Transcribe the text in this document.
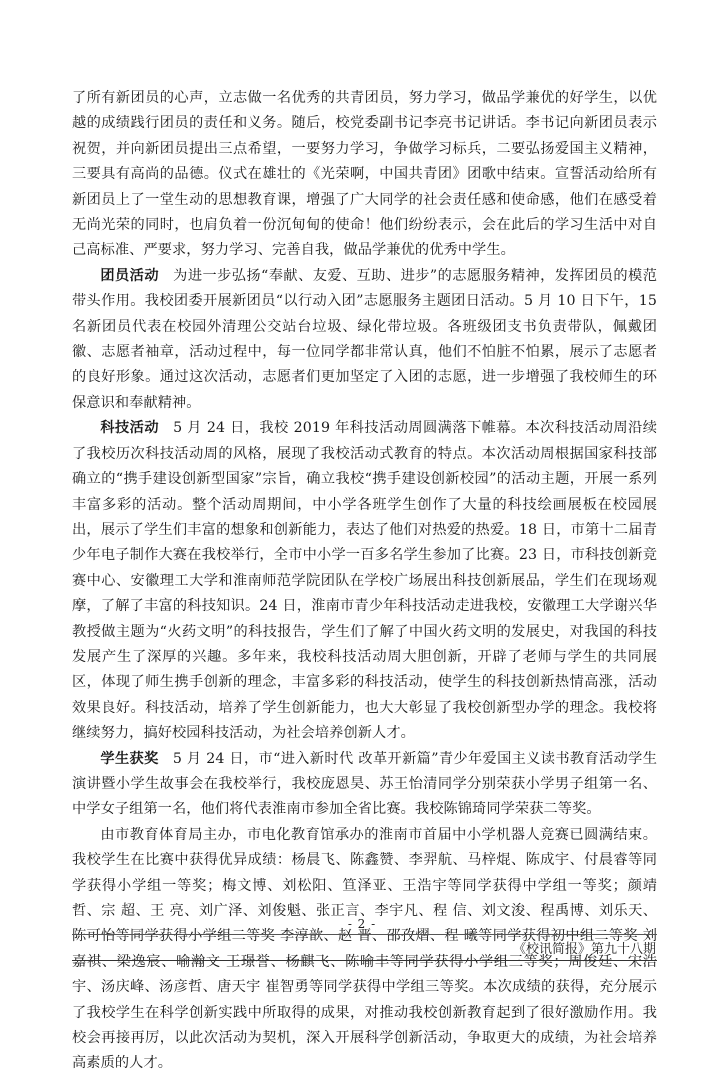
了所有新团员的心声，立志做一名优秀的共青团员，努力学习，做品学兼优的好学生，以优越的成绩践行团员的责任和义务。随后，校党委副书记李亮书记讲话。李书记向新团员表示祝贺，并向新团员提出三点希望，一要努力学习，争做学习标兵，二要弘扬爱国主义精神，三要具有高尚的品德。仪式在雄壮的《光荣啊，中国共青团》团歌中结束。宣誓活动给所有新团员上了一堂生动的思想教育课，增强了广大同学的社会责任感和使命感，他们在感受着无尚光荣的同时，也肩负着一份沉甸甸的使命！他们纷纷表示，会在此后的学习生活中对自己高标准、严要求，努力学习、完善自我，做品学兼优的优秀中学生。

团员活动 为进一步弘扬“奉献、友爱、互助、进步”的志愿服务精神，发挥团员的模范带头作用。我校团委开展新团员“以行动入团”志愿服务主题团日活动。5 月 10 日下午，15 名新团员代表在校园外清理公交站台垃圾、绿化带垃圾。各班级团支书负责带队，佩戴团徽、志愿者袖章，活动过程中，每一位同学都非常认真，他们不怕脏不怕累，展示了志愿者的良好形象。通过这次活动，志愿者们更加坚定了入团的志愿，进一步增强了我校师生的环保意识和奉献精神。

科技活动 5 月 24 日，我校 2019 年科技活动周圆满落下帷幕。本次科技活动周沿续了我校历次科技活动周的风格，展现了我校活动式教育的特点。本次活动周根据国家科技部确立的“携手建设创新型国家”宗旨，确立我校“携手建设创新校园”的活动主题，开展一系列丰富多彩的活动。整个活动周期间，中小学各班学生创作了大量的科技绘画展板在校园展出，展示了学生们丰富的想象和创新能力，表达了他们对热爱的热爱。18 日，市第十二届青少年电子制作大赛在我校举行，全市中小学一百多名学生参加了比赛。23 日，市科技创新竞赛中心、安徽理工大学和淮南师范学院团队在学校广场展出科技创新展品，学生们在现场观摩，了解了丰富的科技知识。24 日，淮南市青少年科技活动走进我校，安徽理工大学谢兴华教授做主题为“火药文明”的科技报告，学生们了解了中国火药文明的发展史，对我国的科技发展产生了深厚的兴趣。多年来，我校科技活动周大胆创新，开辟了老师与学生的共同展区，体现了师生携手创新的理念，丰富多彩的科技活动，使学生的科技创新热情高涨，活动效果良好。科技活动，培养了学生创新能力，也大大彰显了我校创新型办学的理念。我校将继续努力，搞好校园科技活动，为社会培养创新人才。

学生获奖 5 月 24 日，市“进入新时代 改革开新篇”青少年爱国主义读书教育活动学生演讲暨小学生故事会在我校举行，我校庞恩昊、苏王怡清同学分别荣获小学男子组第一名、中学女子组第一名，他们将代表淮南市参加全省比赛。我校陈锦琦同学荣获二等奖。

由市教育体育局主办，市电化教育馆承办的淮南市首届中小学机器人竞赛已圆满结束。我校学生在比赛中获得优异成绩：杨晨飞、陈鑫赞、李羿航、马梓焜、陈成宇、付晨睿等同学获得小学组一等奖；梅文博、刘松阳、笪泽亚、王浩宇等同学获得中学组一等奖；颜靖哲、宗 超、王 亮、刘广泽、刘俊魁、张正言、李宇凡、程 信、刘文浚、程禹博、刘乐天、陈可怡等同学获得小学组二等奖 李淳歆、赵 晋、邵孜熠、程 曦等同学获得初中组二等奖 刘嘉祺、梁逸宸、喻瀚文 王璟誉、杨麒飞、陈喻丰等同学获得小学组三等奖；周俊廷、宋浩宇、汤庆峰、汤彦哲、唐天宇 崔智勇等同学获得中学组三等奖。本次成绩的获得，充分展示了我校学生在科学创新实践中所取得的成果，对推动我校创新教育起到了很好激励作用。我校会再接再厉，以此次活动为契机，深入开展科学创新活动，争取更大的成绩，为社会培养高素质的人才。

- 2 -
《校讯简报》第九十八期
